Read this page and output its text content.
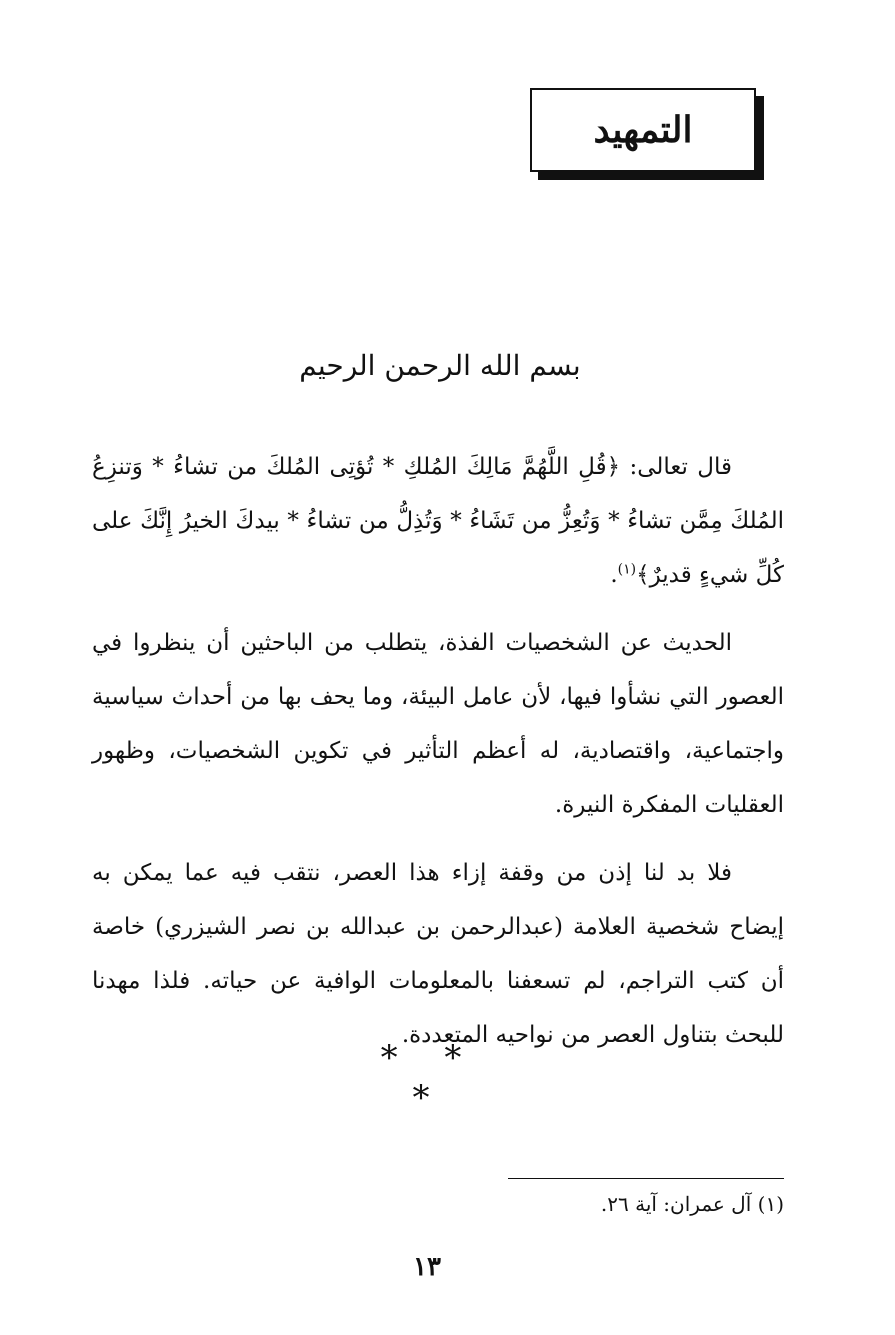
التمهيد
بسم الله الرحمن الرحيم

قال تعالى: ﴿قُلِ اللَّهُمَّ مَالِكَ المُلكِ * تُؤتِى المُلكَ من تشاءُ * وَتنزِعُ المُلكَ مِمَّن تشاءُ * وَتُعِزُّ من تَشَاءُ * وَتُذِلُّ من تشاءُ * بيدكَ الخيرُ إِنَّكَ على كُلِّ شيءٍ قديرٌ﴾$^{(١)}$.

الحديث عن الشخصيات الفذة، يتطلب من الباحثين أن ينظروا في العصور التي نشأوا فيها، لأن عامل البيئة، وما يحف بها من أحداث سياسية واجتماعية، واقتصادية، له أعظم التأثير في تكوين الشخصيات، وظهور العقليات المفكرة النيرة.

فلا بد لنا إذن من وقفة إزاء هذا العصر، نتقب فيه عما يمكن به إيضاح شخصية العلامة (عبدالرحمن بن عبدالله بن نصر الشيزري) خاصة أن كتب التراجم، لم تسعفنا بالمعلومات الوافية عن حياته. فلذا مهدنا للبحث بتناول العصر من نواحيه المتعددة.

* * *
(١) آل عمران: آية ٢٦.
١٣
